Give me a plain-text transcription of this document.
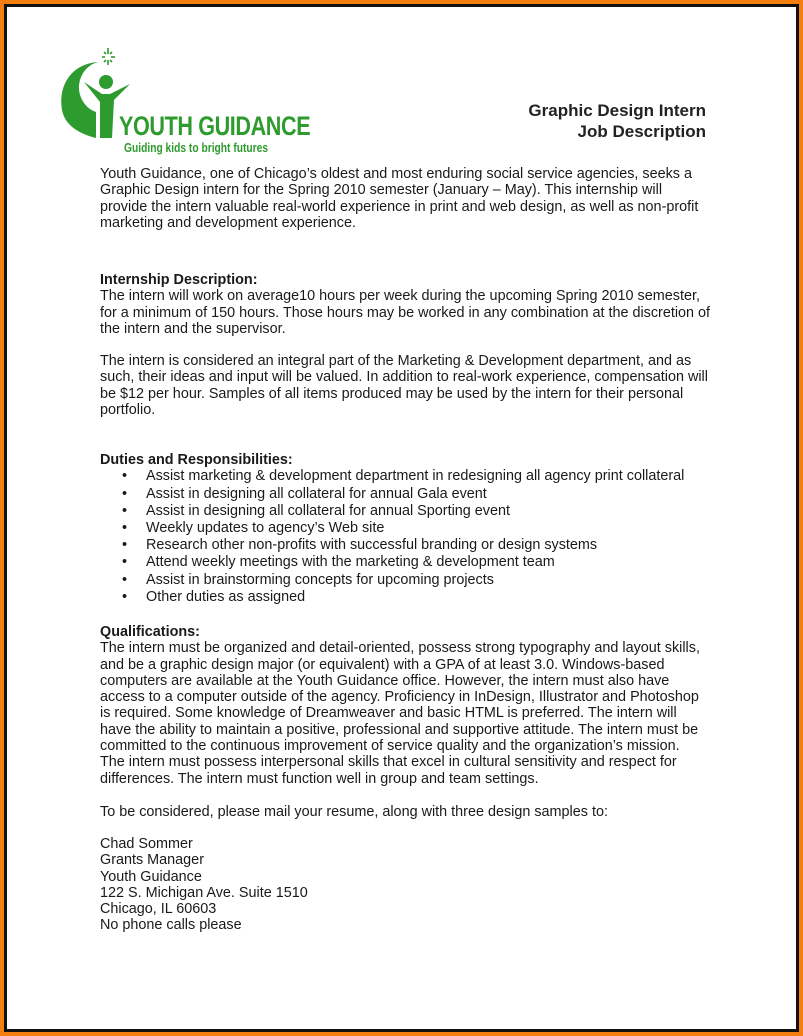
YOUTH GUIDANCE
Guiding kids to bright futures
Graphic Design Intern
Job Description
Youth Guidance, one of Chicago’s oldest and most enduring social service agencies, seeks a
Graphic Design intern for the Spring 2010 semester (January – May). This internship will
provide the intern valuable real-world experience in print and web design, as well as non-profit
marketing and development experience.
Internship Description:
The intern will work on average10 hours per week during the upcoming Spring 2010 semester,
for a minimum of 150 hours. Those hours may be worked in any combination at the discretion of
the intern and the supervisor.
The intern is considered an integral part of the Marketing & Development department, and as
such, their ideas and input will be valued. In addition to real-work experience, compensation will
be $12 per hour. Samples of all items produced may be used by the intern for their personal
portfolio.
Duties and Responsibilities:
• Assist marketing & development department in redesigning all agency print collateral
• Assist in designing all collateral for annual Gala event
• Assist in designing all collateral for annual Sporting event
• Weekly updates to agency’s Web site
• Research other non-profits with successful branding or design systems
• Attend weekly meetings with the marketing & development team
• Assist in brainstorming concepts for upcoming projects
• Other duties as assigned
Qualifications:
The intern must be organized and detail-oriented, possess strong typography and layout skills,
and be a graphic design major (or equivalent) with a GPA of at least 3.0. Windows-based
computers are available at the Youth Guidance office. However, the intern must also have
access to a computer outside of the agency. Proficiency in InDesign, Illustrator and Photoshop
is required. Some knowledge of Dreamweaver and basic HTML is preferred. The intern will
have the ability to maintain a positive, professional and supportive attitude. The intern must be
committed to the continuous improvement of service quality and the organization’s mission.
The intern must possess interpersonal skills that excel in cultural sensitivity and respect for
differences. The intern must function well in group and team settings.
To be considered, please mail your resume, along with three design samples to:
Chad Sommer
Grants Manager
Youth Guidance
122 S. Michigan Ave. Suite 1510
Chicago, IL 60603
No phone calls please
